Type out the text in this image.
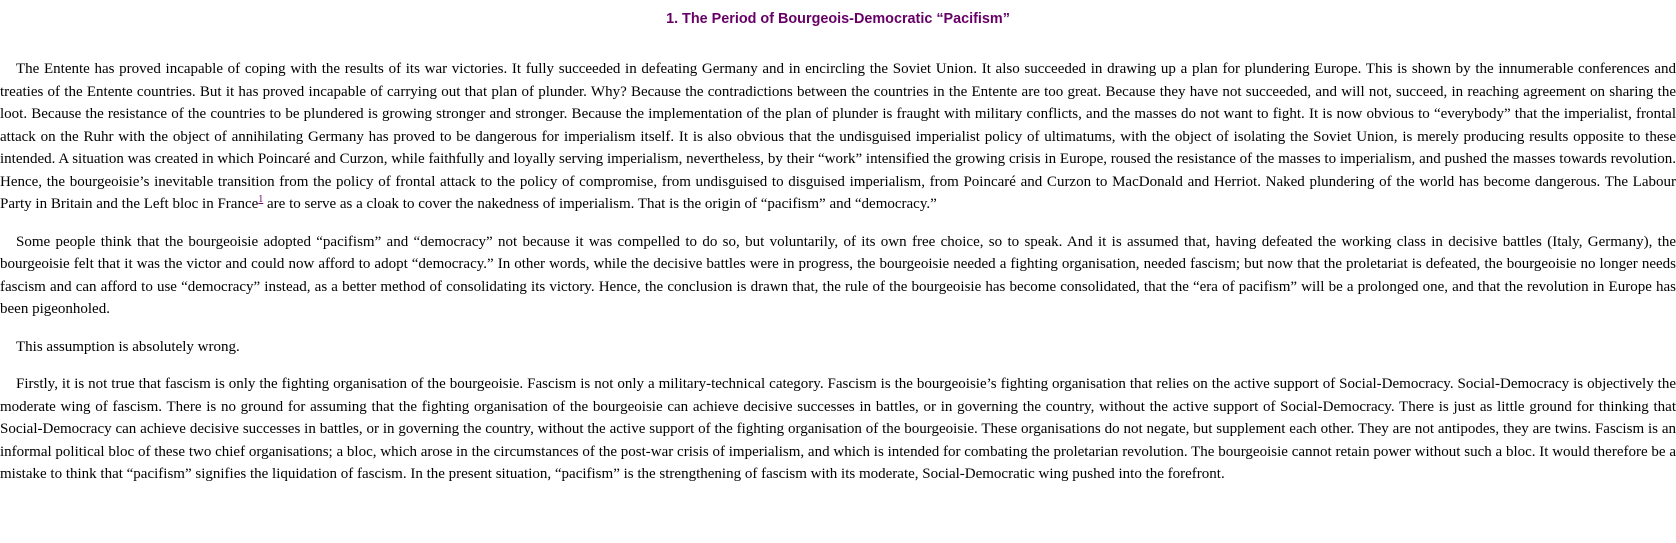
1. The Period of Bourgeois-Democratic “Pacifism”

The Entente has proved incapable of coping with the results of its war victories. It fully succeeded in defeating Germany and in encircling the Soviet Union. It also succeeded in drawing up a plan for plundering Europe. This is shown by the innumerable conferences and treaties of the Entente countries. But it has proved incapable of carrying out that plan of plunder. Why? Because the contradictions between the countries in the Entente are too great. Because they have not succeeded, and will not, succeed, in reaching agreement on sharing the loot. Because the resistance of the countries to be plundered is growing stronger and stronger. Because the implementation of the plan of plunder is fraught with military conflicts, and the masses do not want to fight. It is now obvious to “everybody” that the imperialist, frontal attack on the Ruhr with the object of annihilating Germany has proved to be dangerous for imperialism itself. It is also obvious that the undisguised imperialist policy of ultimatums, with the object of isolating the Soviet Union, is merely producing results opposite to these intended. A situation was created in which Poincaré and Curzon, while faithfully and loyally serving imperialism, nevertheless, by their “work” intensified the growing crisis in Europe, roused the resistance of the masses to imperialism, and pushed the masses towards revolution. Hence, the bourgeoisie’s inevitable transition from the policy of frontal attack to the policy of compromise, from undisguised to disguised imperialism, from Poincaré and Curzon to MacDonald and Herriot. Naked plundering of the world has become dangerous. The Labour Party in Britain and the Left bloc in France$^1$ are to serve as a cloak to cover the nakedness of imperialism. That is the origin of “pacifism” and “democracy.”

Some people think that the bourgeoisie adopted “pacifism” and “democracy” not because it was compelled to do so, but voluntarily, of its own free choice, so to speak. And it is assumed that, having defeated the working class in decisive battles (Italy, Germany), the bourgeoisie felt that it was the victor and could now afford to adopt “democracy.” In other words, while the decisive battles were in progress, the bourgeoisie needed a fighting organisation, needed fascism; but now that the proletariat is defeated, the bourgeoisie no longer needs fascism and can afford to use “democracy” instead, as a better method of consolidating its victory. Hence, the conclusion is drawn that, the rule of the bourgeoisie has become consolidated, that the “era of pacifism” will be a prolonged one, and that the revolution in Europe has been pigeonholed.

This assumption is absolutely wrong.

Firstly, it is not true that fascism is only the fighting organisation of the bourgeoisie. Fascism is not only a military-technical category. Fascism is the bourgeoisie’s fighting organisation that relies on the active support of Social-Democracy. Social-Democracy is objectively the moderate wing of fascism. There is no ground for assuming that the fighting organisation of the bourgeoisie can achieve decisive successes in battles, or in governing the country, without the active support of Social-Democracy. There is just as little ground for thinking that Social-Democracy can achieve decisive successes in battles, or in governing the country, without the active support of the fighting organisation of the bourgeoisie. These organisations do not negate, but supplement each other. They are not antipodes, they are twins. Fascism is an informal political bloc of these two chief organisations; a bloc, which arose in the circumstances of the post-war crisis of imperialism, and which is intended for combating the proletarian revolution. The bourgeoisie cannot retain power without such a bloc. It would therefore be a mistake to think that “pacifism” signifies the liquidation of fascism. In the present situation, “pacifism” is the strengthening of fascism with its moderate, Social-Democratic wing pushed into the forefront.
